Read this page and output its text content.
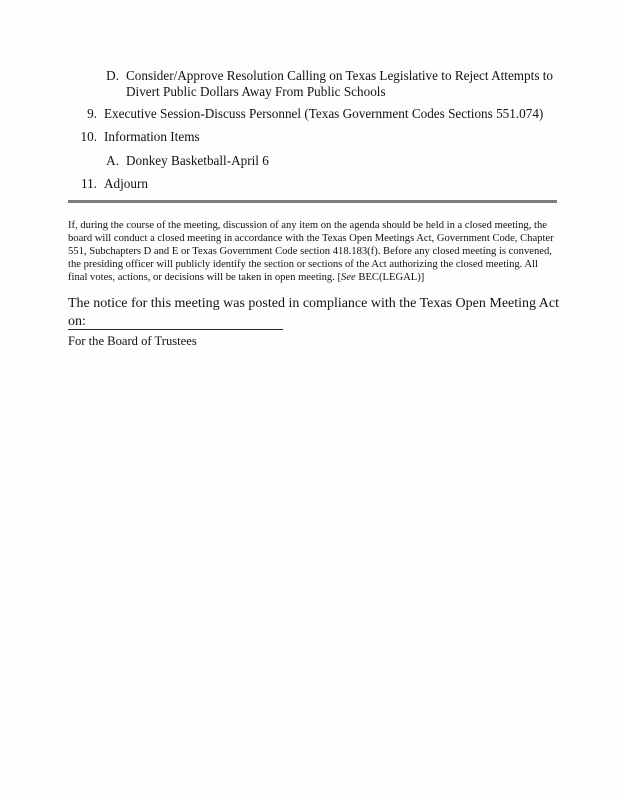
D. Consider/Approve Resolution Calling on Texas Legislative to Reject Attempts to Divert Public Dollars Away From Public Schools
9. Executive Session-Discuss Personnel (Texas Government Codes Sections 551.074)
10. Information Items
A. Donkey Basketball-April 6
11. Adjourn

If, during the course of the meeting, discussion of any item on the agenda should be held in a closed meeting, the board will conduct a closed meeting in accordance with the Texas Open Meetings Act, Government Code, Chapter 551, Subchapters D and E or Texas Government Code section 418.183(f). Before any closed meeting is convened, the presiding officer will publicly identify the section or sections of the Act authorizing the closed meeting. All final votes, actions, or decisions will be taken in open meeting. [See BEC(LEGAL)]

The notice for this meeting was posted in compliance with the Texas Open Meeting Act on:

For the Board of Trustees
